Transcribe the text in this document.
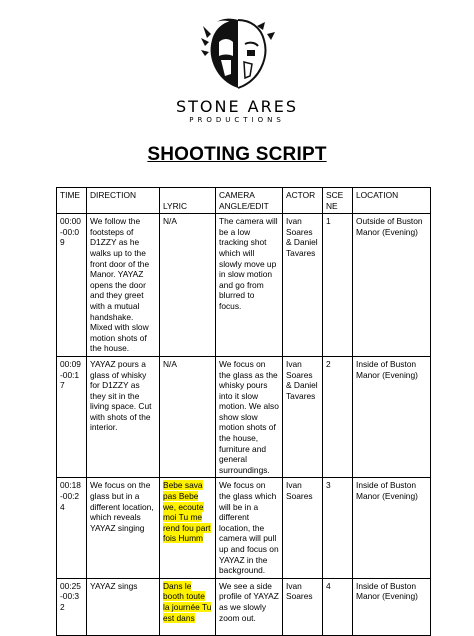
STONE ARES
PRODUCTIONS
SHOOTING SCRIPT
TIME	DIRECTION	LYRIC	CAMERA ANGLE/EDIT	ACTOR	SCENE	LOCATION
00:00-00:09	We follow the footsteps of D1ZZY as he walks up to the front door of the Manor. YAYAZ opens the door and they greet with a mutual handshake. Mixed with slow motion shots of the house.	N/A	The camera will be a low tracking shot which will slowly move up in slow motion and go from blurred to focus.	Ivan Soares & Daniel Tavares	1	Outside of Buston Manor (Evening)
00:09-00:17	YAYAZ pours a glass of whisky for D1ZZY as they sit in the living space. Cut with shots of the interior.	N/A	We focus on the glass as the whisky pours into it slow motion. We also show slow motion shots of the house, furniture and general surroundings.	Ivan Soares & Daniel Tavares	2	Inside of Buston Manor (Evening)
00:18-00:24	We focus on the glass but in a different location, which reveals YAYAZ singing	Bebe sava pas Bebe we, ecoute moi Tu me rend fou part fois Humm	We focus on the glass which will be in a different location, the camera will pull up and focus on YAYAZ in the background.	Ivan Soares	3	Inside of Buston Manor (Evening)
00:25-00:32	YAYAZ sings	Dans le booth toute la journée Tu est dans	We see a side profile of YAYAZ as we slowly zoom out.	Ivan Soares	4	Inside of Buston Manor (Evening)
